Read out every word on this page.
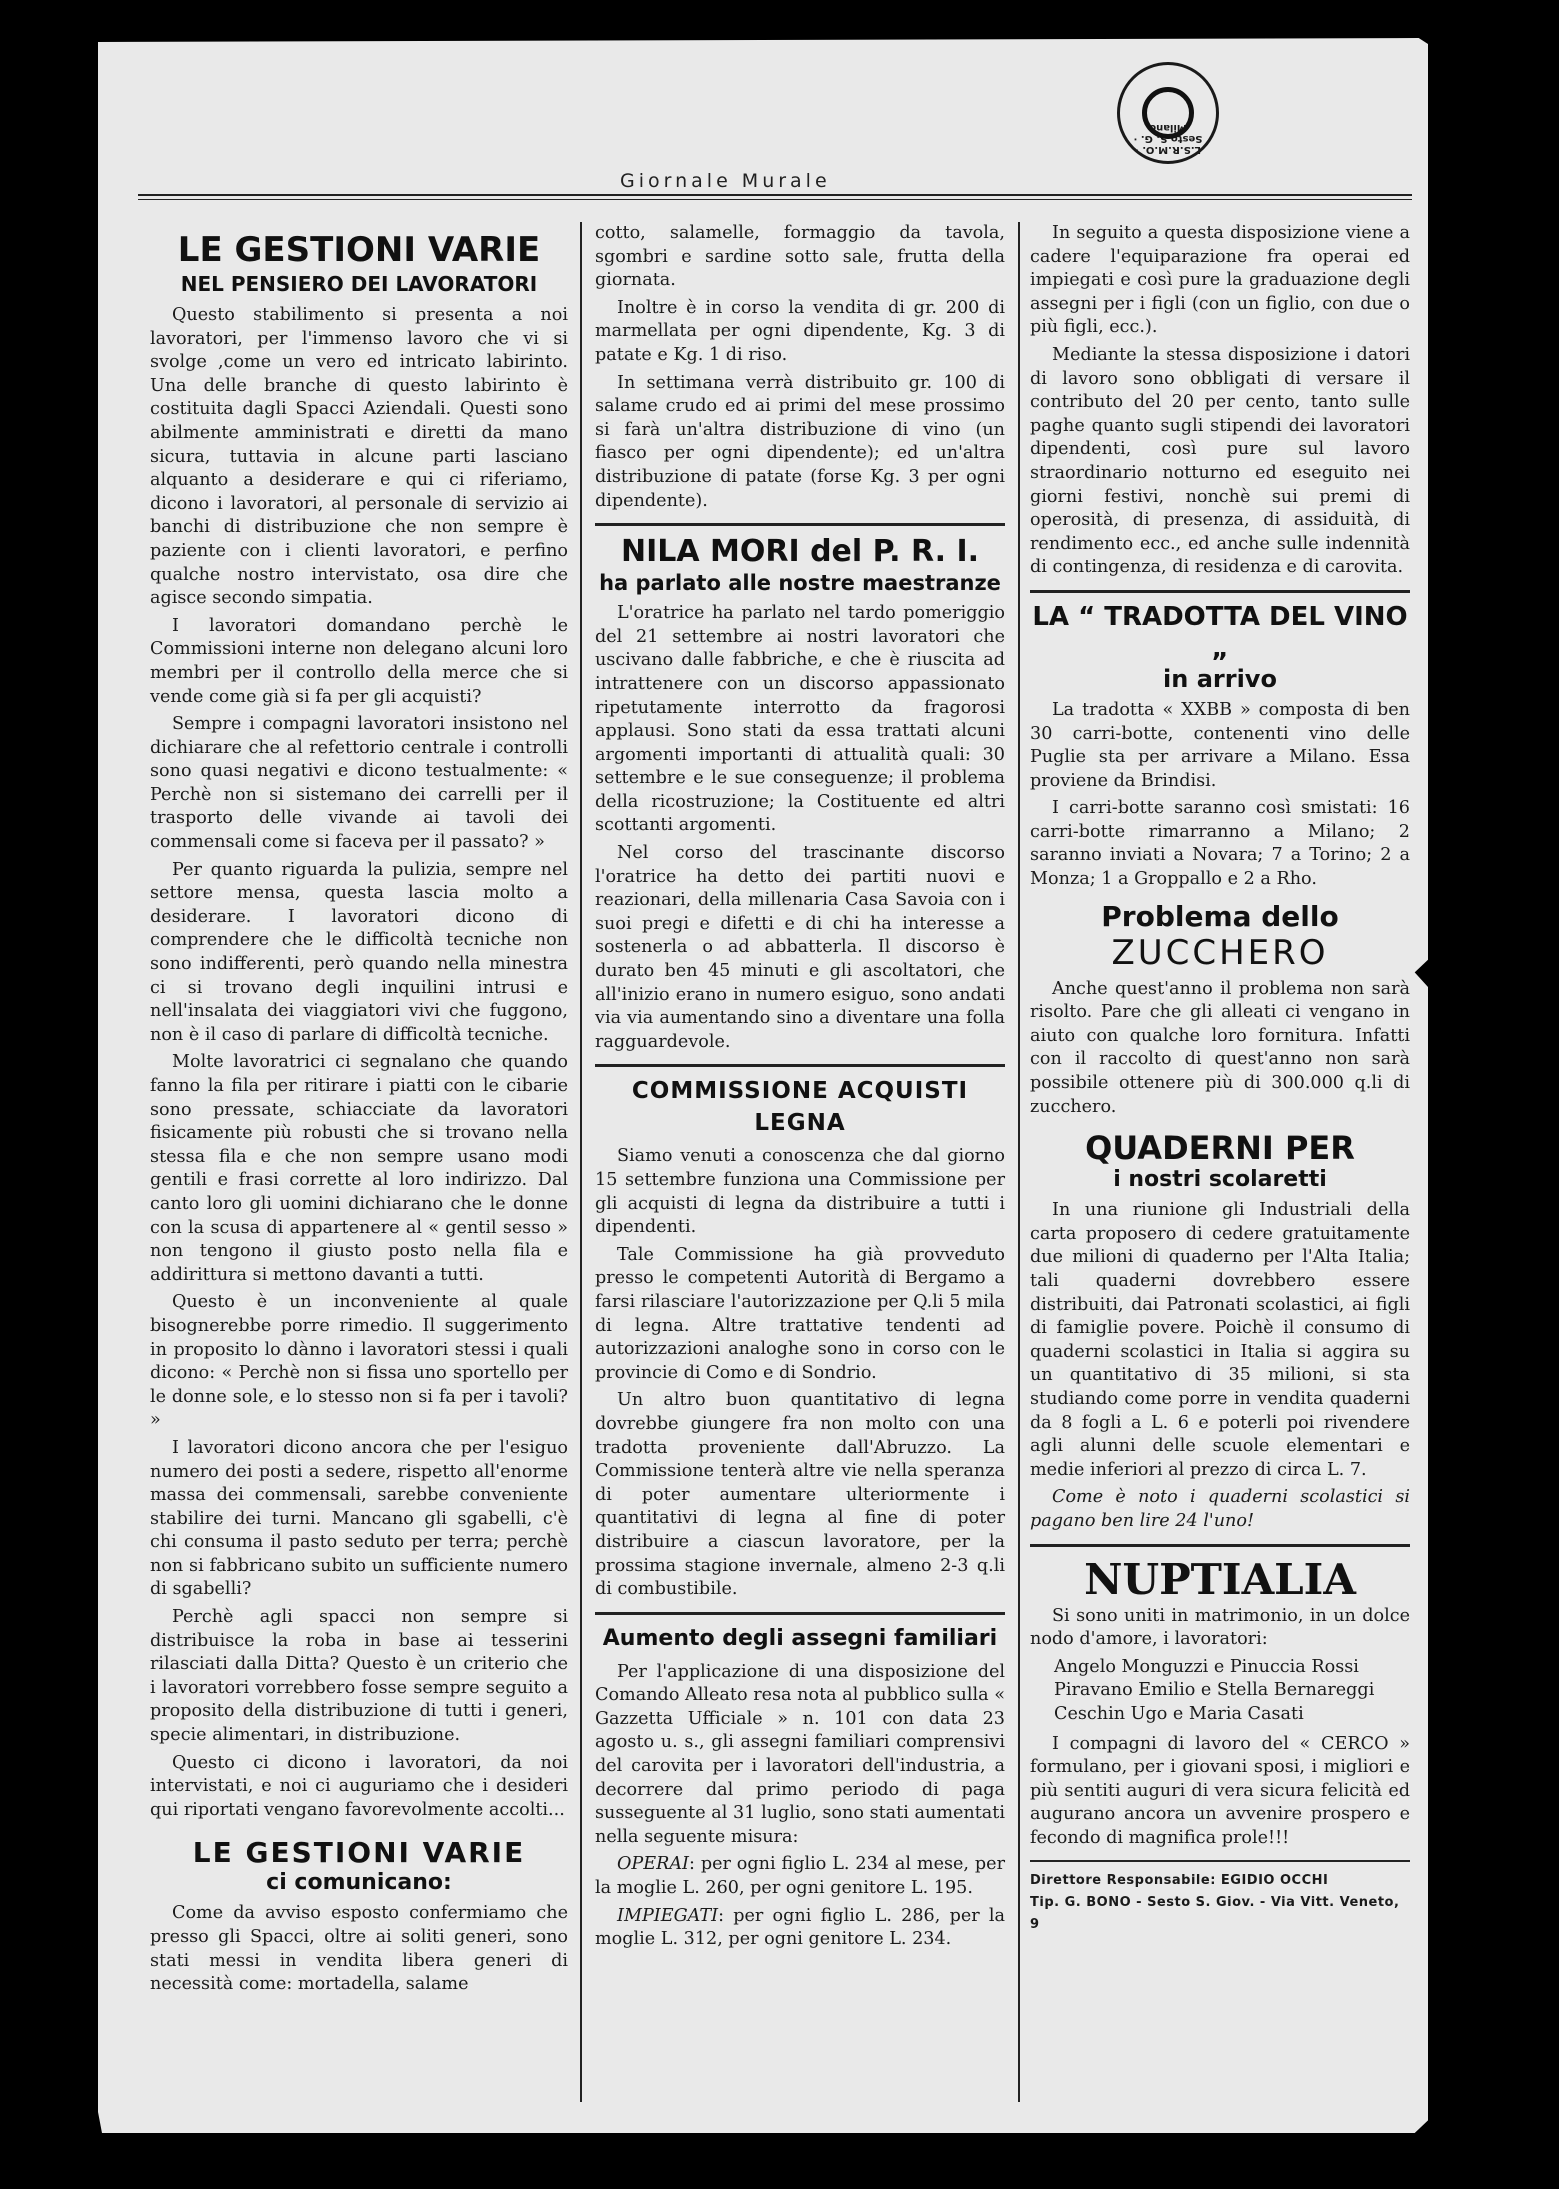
L.S.R.M.O. · Sesto S. G. · Milano
Giornale Murale
LE GESTIONI VARIE
NEL PENSIERO DEI LAVORATORI

Questo stabilimento si presenta a noi lavoratori, per l'immenso lavoro che vi si svolge ,come un vero ed intricato labirinto. Una delle branche di questo labirinto è costituita dagli Spacci Aziendali. Questi sono abilmente amministrati e diretti da mano sicura, tuttavia in alcune parti lasciano alquanto a desiderare e qui ci riferiamo, dicono i lavoratori, al personale di servizio ai banchi di distribuzione che non sempre è paziente con i clienti lavoratori, e perfino qualche nostro intervistato, osa dire che agisce secondo simpatia.

I lavoratori domandano perchè le Commissioni interne non delegano alcuni loro membri per il controllo della merce che si vende come già si fa per gli acquisti?

Sempre i compagni lavoratori insistono nel dichiarare che al refettorio centrale i controlli sono quasi negativi e dicono testualmente: « Perchè non si sistemano dei carrelli per il trasporto delle vivande ai tavoli dei commensali come si faceva per il passato? »

Per quanto riguarda la pulizia, sempre nel settore mensa, questa lascia molto a desiderare. I lavoratori dicono di comprendere che le difficoltà tecniche non sono indifferenti, però quando nella minestra ci si trovano degli inquilini intrusi e nell'insalata dei viaggiatori vivi che fuggono, non è il caso di parlare di difficoltà tecniche.

Molte lavoratrici ci segnalano che quando fanno la fila per ritirare i piatti con le cibarie sono pressate, schiacciate da lavoratori fisicamente più robusti che si trovano nella stessa fila e che non sempre usano modi gentili e frasi corrette al loro indirizzo. Dal canto loro gli uomini dichiarano che le donne con la scusa di appartenere al « gentil sesso » non tengono il giusto posto nella fila e addirittura si mettono davanti a tutti.

Questo è un inconveniente al quale bisognerebbe porre rimedio. Il suggerimento in proposito lo dànno i lavoratori stessi i quali dicono: « Perchè non si fissa uno sportello per le donne sole, e lo stesso non si fa per i tavoli? »

I lavoratori dicono ancora che per l'esiguo numero dei posti a sedere, rispetto all'enorme massa dei commensali, sarebbe conveniente stabilire dei turni. Mancano gli sgabelli, c'è chi consuma il pasto seduto per terra; perchè non si fabbricano subito un sufficiente numero di sgabelli?

Perchè agli spacci non sempre si distribuisce la roba in base ai tesserini rilasciati dalla Ditta? Questo è un criterio che i lavoratori vorrebbero fosse sempre seguito a proposito della distribuzione di tutti i generi, specie alimentari, in distribuzione.

Questo ci dicono i lavoratori, da noi intervistati, e noi ci auguriamo che i desideri qui riportati vengano favorevolmente accolti...

LE GESTIONI VARIE
ci comunicano:

Come da avviso esposto confermiamo che presso gli Spacci, oltre ai soliti generi, sono stati messi in vendita libera generi di necessità come: mortadella, salame

cotto, salamelle, formaggio da tavola, sgombri e sardine sotto sale, frutta della giornata.

Inoltre è in corso la vendita di gr. 200 di marmellata per ogni dipendente, Kg. 3 di patate e Kg. 1 di riso.

In settimana verrà distribuito gr. 100 di salame crudo ed ai primi del mese prossimo si farà un'altra distribuzione di vino (un fiasco per ogni dipendente); ed un'altra distribuzione di patate (forse Kg. 3 per ogni dipendente).

NILA MORI del P. R. I.
ha parlato alle nostre maestranze

L'oratrice ha parlato nel tardo pomeriggio del 21 settembre ai nostri lavoratori che uscivano dalle fabbriche, e che è riuscita ad intrattenere con un discorso appassionato ripetutamente interrotto da fragorosi applausi. Sono stati da essa trattati alcuni argomenti importanti di attualità quali: 30 settembre e le sue conseguenze; il problema della ricostruzione; la Costituente ed altri scottanti argomenti.

Nel corso del trascinante discorso l'oratrice ha detto dei partiti nuovi e reazionari, della millenaria Casa Savoia con i suoi pregi e difetti e di chi ha interesse a sostenerla o ad abbatterla. Il discorso è durato ben 45 minuti e gli ascoltatori, che all'inizio erano in numero esiguo, sono andati via via aumentando sino a diventare una folla ragguardevole.

COMMISSIONE ACQUISTI LEGNA

Siamo venuti a conoscenza che dal giorno 15 settembre funziona una Commissione per gli acquisti di legna da distribuire a tutti i dipendenti.

Tale Commissione ha già provveduto presso le competenti Autorità di Bergamo a farsi rilasciare l'autorizzazione per Q.li 5 mila di legna. Altre trattative tendenti ad autorizzazioni analoghe sono in corso con le provincie di Como e di Sondrio.

Un altro buon quantitativo di legna dovrebbe giungere fra non molto con una tradotta proveniente dall'Abruzzo. La Commissione tenterà altre vie nella speranza di poter aumentare ulteriormente i quantitativi di legna al fine di poter distribuire a ciascun lavoratore, per la prossima stagione invernale, almeno 2-3 q.li di combustibile.

Aumento degli assegni familiari

Per l'applicazione di una disposizione del Comando Alleato resa nota al pubblico sulla « Gazzetta Ufficiale » n. 101 con data 23 agosto u. s., gli assegni familiari comprensivi del carovita per i lavoratori dell'industria, a decorrere dal primo periodo di paga susseguente al 31 luglio, sono stati aumentati nella seguente misura:

OPERAI: per ogni figlio L. 234 al mese, per la moglie L. 260, per ogni genitore L. 195.

IMPIEGATI: per ogni figlio L. 286, per la moglie L. 312, per ogni genitore L. 234.

In seguito a questa disposizione viene a cadere l'equiparazione fra operai ed impiegati e così pure la graduazione degli assegni per i figli (con un figlio, con due o più figli, ecc.).

Mediante la stessa disposizione i datori di lavoro sono obbligati di versare il contributo del 20 per cento, tanto sulle paghe quanto sugli stipendi dei lavoratori dipendenti, così pure sul lavoro straordinario notturno ed eseguito nei giorni festivi, nonchè sui premi di operosità, di presenza, di assiduità, di rendimento ecc., ed anche sulle indennità di contingenza, di residenza e di carovita.

LA “ TRADOTTA DEL VINO „
in arrivo

La tradotta « XXBB » composta di ben 30 carri-botte, contenenti vino delle Puglie sta per arrivare a Milano. Essa proviene da Brindisi.

I carri-botte saranno così smistati: 16 carri-botte rimarranno a Milano; 2 saranno inviati a Novara; 7 a Torino; 2 a Monza; 1 a Groppallo e 2 a Rho.

Problema dello
ZUCCHERO

Anche quest'anno il problema non sarà risolto. Pare che gli alleati ci vengano in aiuto con qualche loro fornitura. Infatti con il raccolto di quest'anno non sarà possibile ottenere più di 300.000 q.li di zucchero.

QUADERNI PER
i nostri scolaretti

In una riunione gli Industriali della carta proposero di cedere gratuitamente due milioni di quaderno per l'Alta Italia; tali quaderni dovrebbero essere distribuiti, dai Patronati scolastici, ai figli di famiglie povere. Poichè il consumo di quaderni scolastici in Italia si aggira su un quantitativo di 35 milioni, si sta studiando come porre in vendita quaderni da 8 fogli a L. 6 e poterli poi rivendere agli alunni delle scuole elementari e medie inferiori al prezzo di circa L. 7.

Come è noto i quaderni scolastici si pagano ben lire 24 l'uno!

NUPTIALIA

Si sono uniti in matrimonio, in un dolce nodo d'amore, i lavoratori:

Angelo Monguzzi e Pinuccia Rossi
Piravano Emilio e Stella Bernareggi
Ceschin Ugo e Maria Casati

I compagni di lavoro del « CERCO » formulano, per i giovani sposi, i migliori e più sentiti auguri di vera sicura felicità ed augurano ancora un avvenire prospero e fecondo di magnifica prole!!!

Direttore Responsabile: EGIDIO OCCHI
Tip. G. BONO - Sesto S. Giov. - Via Vitt. Veneto, 9
